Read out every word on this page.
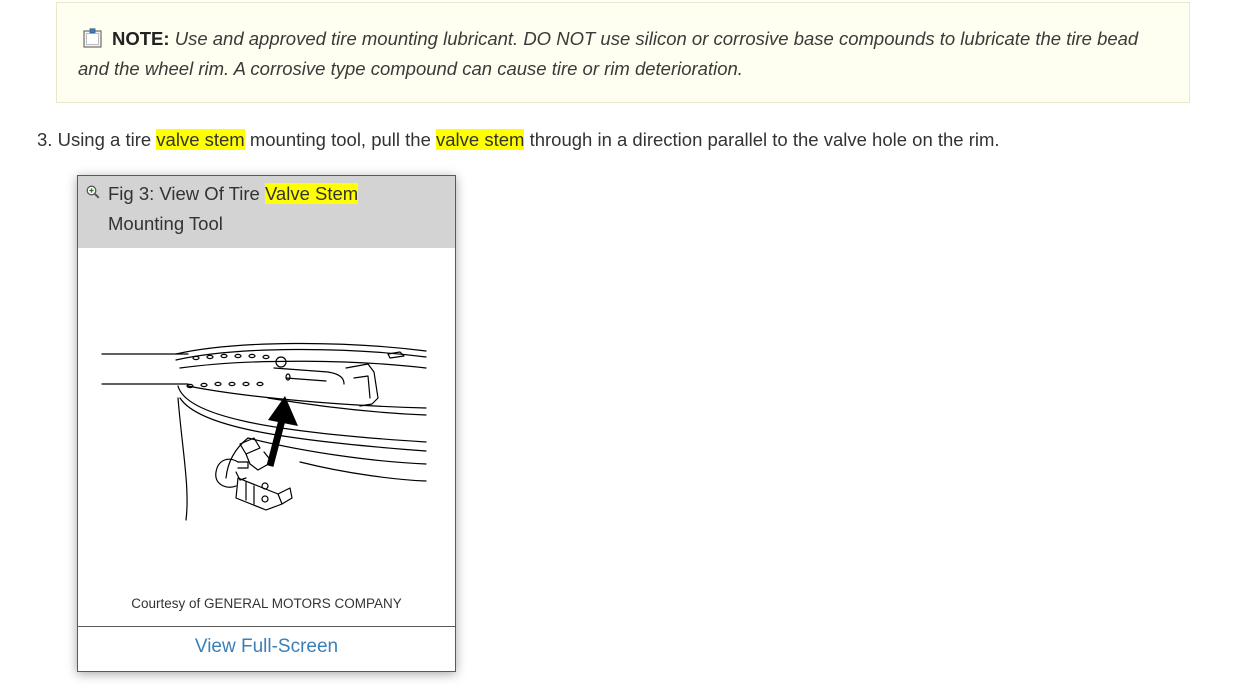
NOTE: Use and approved tire mounting lubricant. DO NOT use silicon or corrosive base compounds to lubricate the tire bead and the wheel rim. A corrosive type compound can cause tire or rim deterioration.
3. Using a tire valve stem mounting tool, pull the valve stem through in a direction parallel to the valve hole on the rim.
Fig 3: View Of Tire Valve Stem Mounting Tool
Courtesy of GENERAL MOTORS COMPANY
View Full-Screen
